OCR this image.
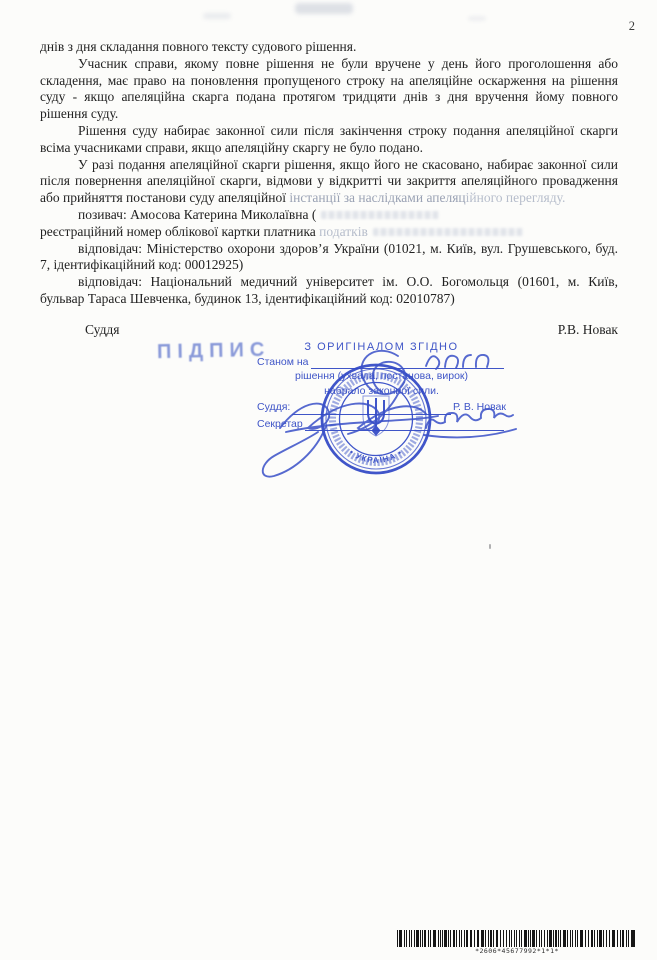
2

днів з дня складання повного тексту судового рішення.

Учасник справи, якому повне рішення не були вручене у день його проголошення або складення, має право на поновлення пропущеного строку на апеляційне оскарження на рішення суду - якщо апеляційна скарга подана протягом тридцяти днів з дня вручення йому повного рішення суду.

Рішення суду набирає законної сили після закінчення строку подання апеляційної скарги всіма учасниками справи, якщо апеляційну скаргу не було подано.

У разі подання апеляційної скарги рішення, якщо його не скасовано, набирає законної сили після повернення апеляційної скарги, відмови у відкритті чи закриття апеляційного провадження або прийняття постанови суду апеляційної інстанції за наслідками апеляційного перегляду.

позивач: Амосова Катерина Миколаївна (

реєстраційний номер облікової картки платника податків

відповідач: Міністерство охорони здоров’я України (01021, м. Київ, вул. Грушевського, буд. 7, ідентифікаційний код: 00012925)

відповідач: Національний медичний університет ім. О.О. Богомольця (01601, м. Київ, бульвар Тараса Шевченка, будинок 13, ідентифікаційний код: 02010787)

Суддя	Р.В. Новак
ПІДПИС	З ОРИГІНАЛОМ ЗГІДНО
Станом на
рішення (ухвала, постанова, вирок)
набрало законної сили.
Суддя:	Р. В. Новак
Секретар
• УКРАЇНА •
*2606*45677992*1*1*
